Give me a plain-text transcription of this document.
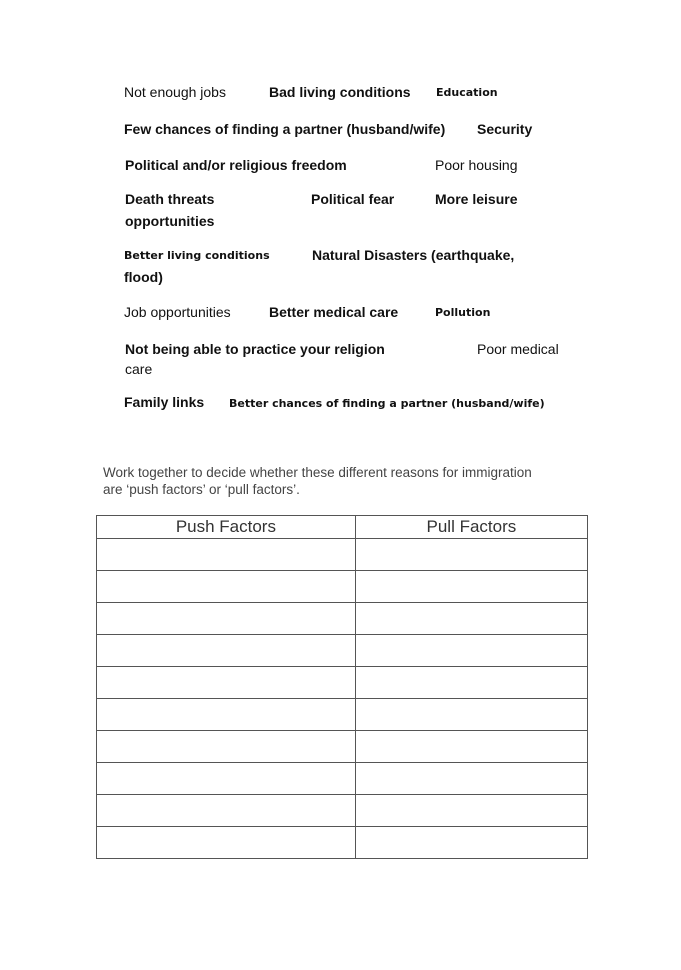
Not enough jobs	Bad living conditions Education
Few chances of finding a partner (husband/wife) Security
Political and/or religious freedom	Poor housing
Death threats	Political fear	More leisure
opportunities
Better living conditions	Natural Disasters (earthquake,
flood)
Job opportunities	Better medical care	Pollution
Not being able to practice your religion	Poor medical
care
Family links Better chances of finding a partner (husband/wife)
Work together to decide whether these different reasons for immigration are ‘push factors’ or ‘pull factors’.
Push Factors	Pull Factors
